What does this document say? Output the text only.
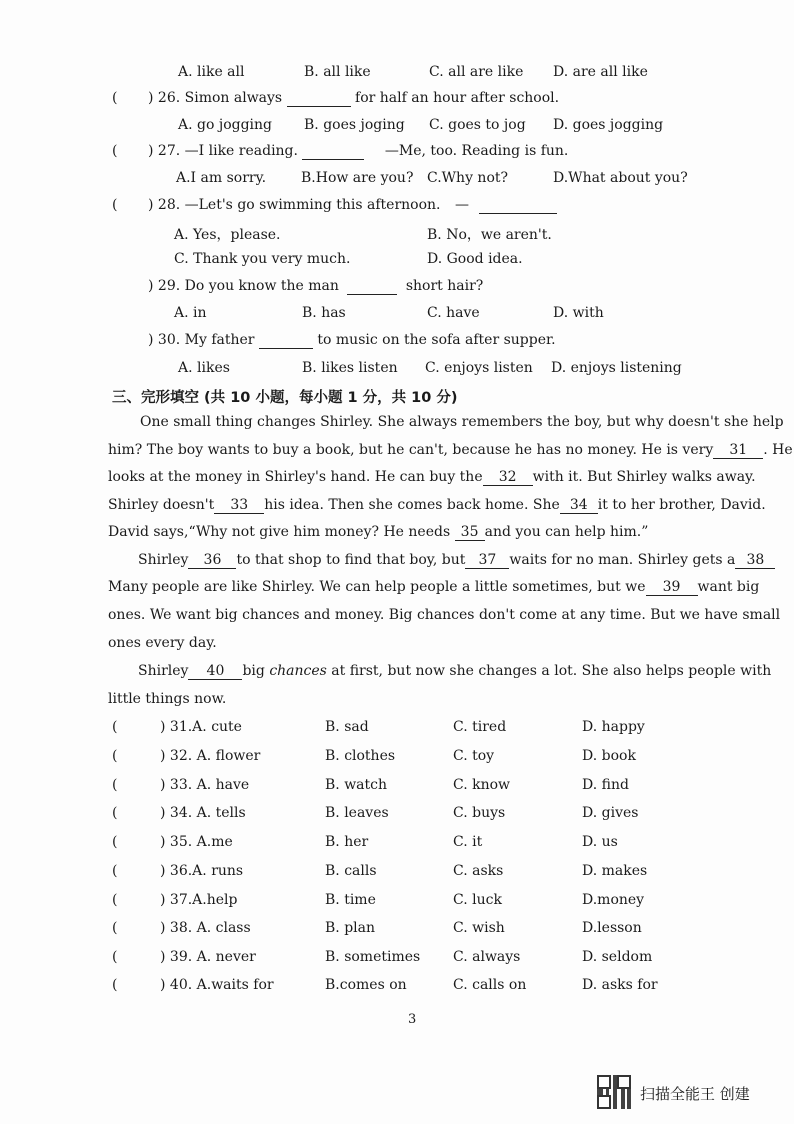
A. like all	B. all like	C. all are like D. are all like
( ) 26. Simon always	for half an hour after school.
A. go jogging B. goes joging C. goes to jog D. goes jogging
( ) 27. —I like reading.	—Me, too. Reading is fun.
A.I am sorry. B.How are you? C.Why not?	D.What about you?
( ) 28. —Let's go swimming this afternoon. —
A. Yes，please.	B. No，we aren't.
C. Thank you very much.	D. Good idea.
) 29. Do you know the man	short hair?
A. in	B. has	C. have	D. with
) 30. My father	to music on the sofa after supper.
A. likes	B. likes listen C. enjoys listen D. enjoys listening
三、完形填空 (共 10 小题，每小题 1 分，共 10 分)
One small thing changes Shirley. She always remembers the boy, but why doesn't she help
him? The boy wants to buy a book, but he can't, because he has no money. He is very 31 . He
looks at the money in Shirley's hand. He can buy the 32 with it. But Shirley walks away.
Shirley doesn't 33 his idea. Then she comes back home. She 34 it to her brother, David.
David says,“Why not give him money? He needs 35 and you can help him.”
Shirley 36 to that shop to find that boy, but 37 waits for no man. Shirley gets a 38
Many people are like Shirley. We can help people a little sometimes, but we 39 want big
ones. We want big chances and money. Big chances don't come at any time. But we have small
ones every day.
Shirley 40 big chances at first, but now she changes a lot. She also helps people with
little things now.
(	) 31.A. cute	B. sad	C. tired	D. happy
(	) 32. A. flower	B. clothes	C. toy	D. book
(	) 33. A. have	B. watch	C. know	D. find
(	) 34. A. tells	B. leaves	C. buys	D. gives
(	) 35. A.me	B. her	C. it	D. us
(	) 36.A. runs	B. calls	C. asks	D. makes
(	) 37.A.help	B. time	C. luck	D.money
(	) 38. A. class	B. plan	C. wish	D.lesson
(	) 39. A. never	B. sometimes C. always	D. seldom
(	) 40. A.waits for	B.comes on	C. calls on	D. asks for
3
扫描全能王 创建
